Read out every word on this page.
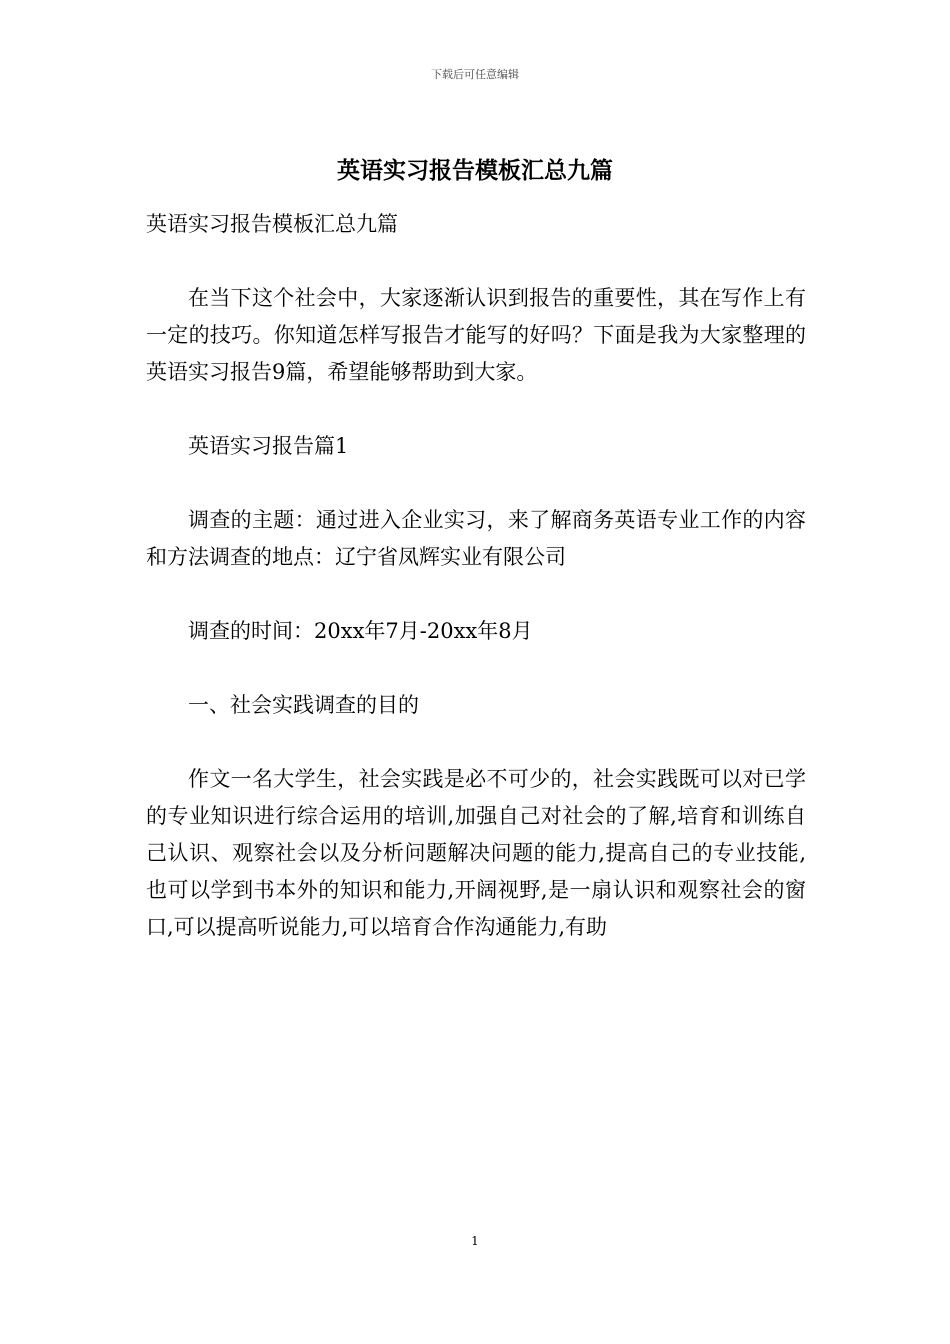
下载后可任意编辑
英语实习报告模板汇总九篇

英语实习报告模板汇总九篇

在当下这个社会中，大家逐渐认识到报告的重要性，其在写作上有一定的技巧。你知道怎样写报告才能写的好吗？下面是我为大家整理的英语实习报告9篇，希望能够帮助到大家。

英语实习报告篇1

调查的主题：通过进入企业实习，来了解商务英语专业工作的内容和方法调查的地点：辽宁省凤辉实业有限公司

调查的时间：20xx年7月-20xx年8月

一、社会实践调查的目的

作文一名大学生，社会实践是必不可少的，社会实践既可以对已学的专业知识进行综合运用的培训,加强自己对社会的了解,培育和训练自己认识、观察社会以及分析问题解决问题的能力,提高自己的专业技能,也可以学到书本外的知识和能力,开阔视野,是一扇认识和观察社会的窗口,可以提高听说能力,可以培育合作沟通能力,有助

1
